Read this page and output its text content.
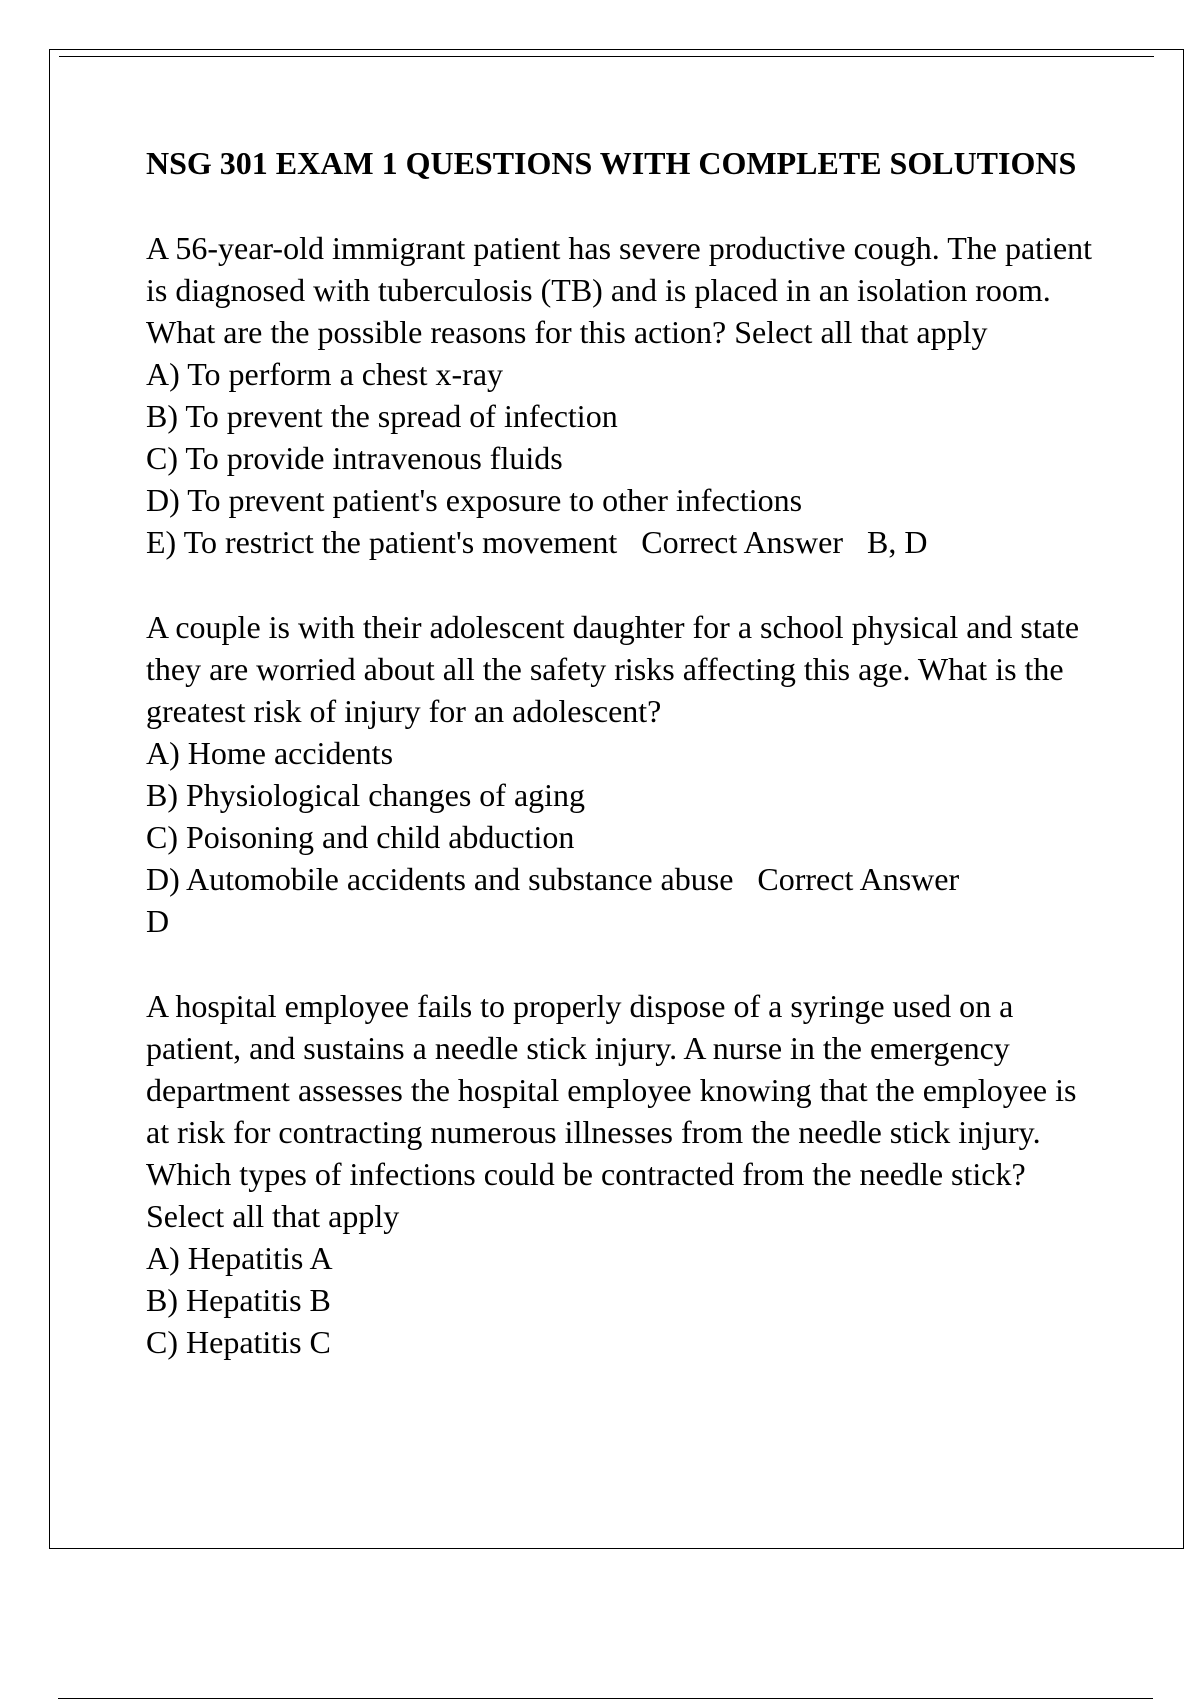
NSG 301 EXAM 1 QUESTIONS WITH COMPLETE SOLUTIONS
A 56-year-old immigrant patient has severe productive cough. The patient is diagnosed with tuberculosis (TB) and is placed in an isolation room. What are the possible reasons for this action? Select all that apply
A) To perform a chest x-ray
B) To prevent the spread of infection
C) To provide intravenous fluids
D) To prevent patient's exposure to other infections
E) To restrict the patient's movement Correct Answer B, D
A couple is with their adolescent daughter for a school physical and state they are worried about all the safety risks affecting this age. What is the greatest risk of injury for an adolescent?
A) Home accidents
B) Physiological changes of aging
C) Poisoning and child abduction
D) Automobile accidents and substance abuse Correct Answer
D
A hospital employee fails to properly dispose of a syringe used on a patient, and sustains a needle stick injury. A nurse in the emergency department assesses the hospital employee knowing that the employee is at risk for contracting numerous illnesses from the needle stick injury. Which types of infections could be contracted from the needle stick? Select all that apply
A) Hepatitis A
B) Hepatitis B
C) Hepatitis C
